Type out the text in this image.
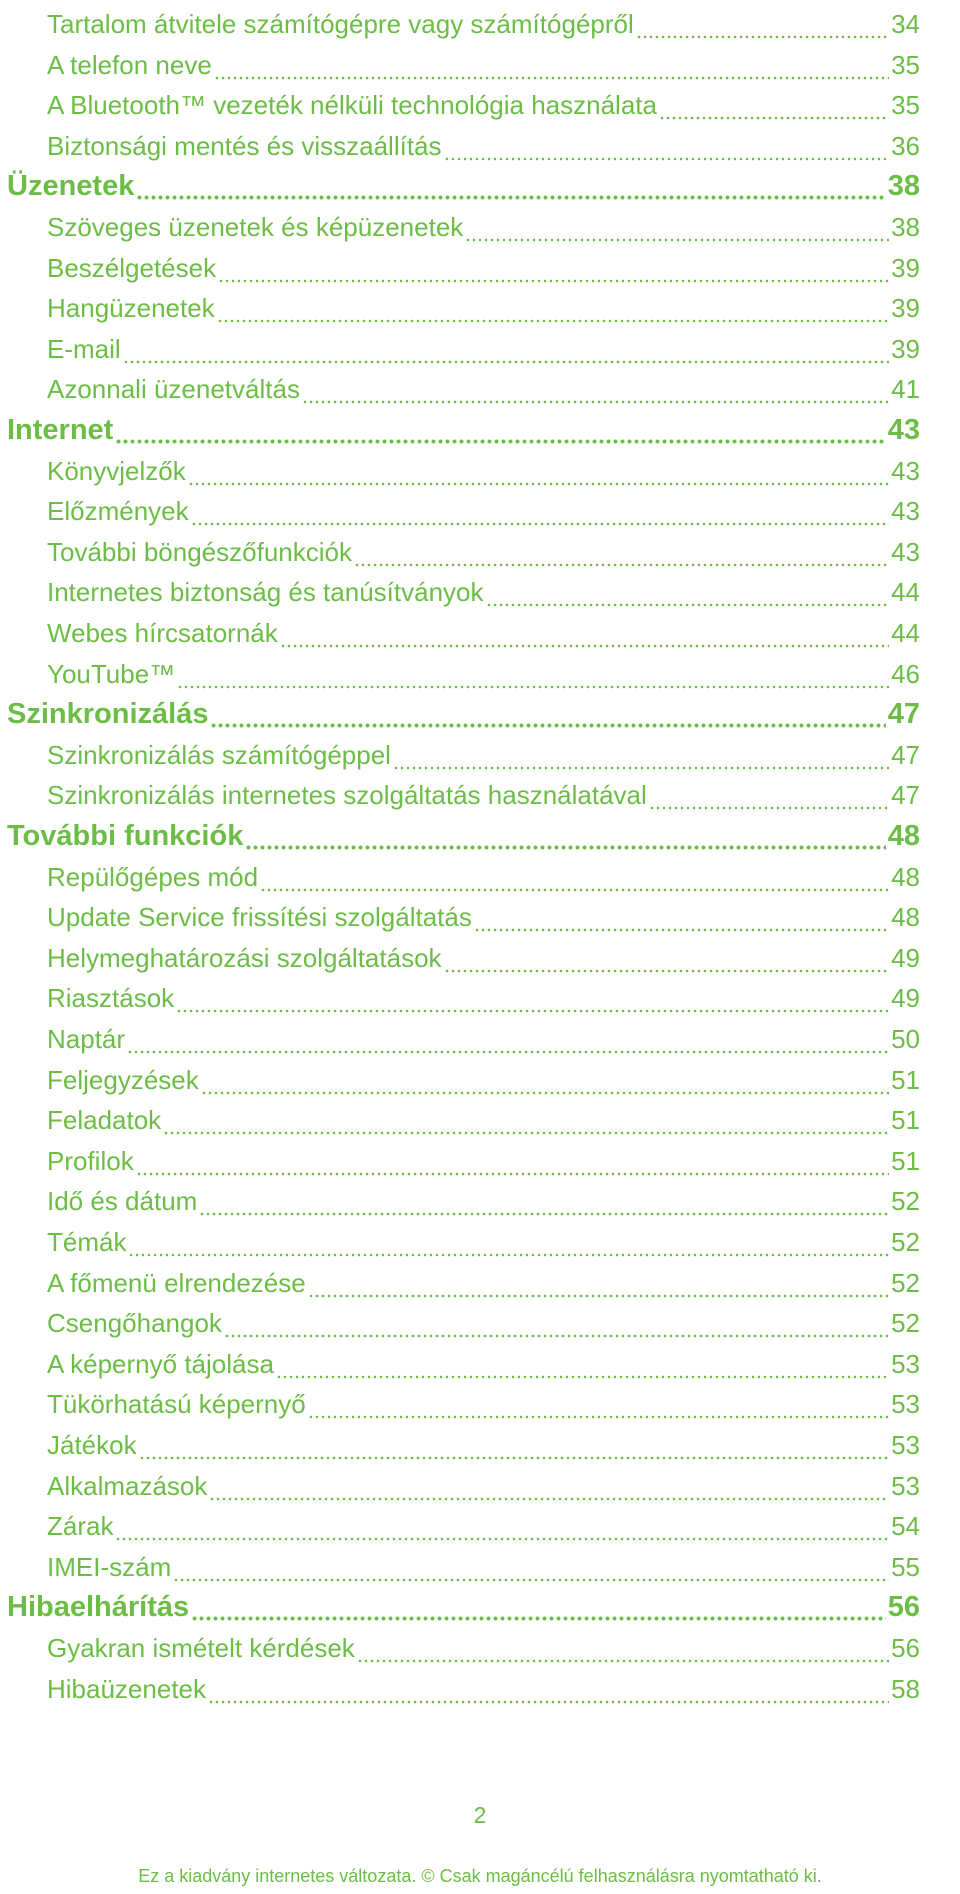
Tartalom átvitele számítógépre vagy számítógépről	34
A telefon neve	35
A Bluetooth™ vezeték nélküli technológia használata	35
Biztonsági mentés és visszaállítás	36
Üzenetek	38
Szöveges üzenetek és képüzenetek	38
Beszélgetések	39
Hangüzenetek	39
E-mail	39
Azonnali üzenetváltás	41
Internet	43
Könyvjelzők	43
Előzmények	43
További böngészőfunkciók	43
Internetes biztonság és tanúsítványok	44
Webes hírcsatornák	44
YouTube™	46
Szinkronizálás	47
Szinkronizálás számítógéppel	47
Szinkronizálás internetes szolgáltatás használatával	47
További funkciók	48
Repülőgépes mód	48
Update Service frissítési szolgáltatás	48
Helymeghatározási szolgáltatások	49
Riasztások	49
Naptár	50
Feljegyzések	51
Feladatok	51
Profilok	51
Idő és dátum	52
Témák	52
A főmenü elrendezése	52
Csengőhangok	52
A képernyő tájolása	53
Tükörhatású képernyő	53
Játékok	53
Alkalmazások	53
Zárak	54
IMEI-szám	55
Hibaelhárítás	56
Gyakran ismételt kérdések	56
Hibaüzenetek	58
2
Ez a kiadvány internetes változata. © Csak magáncélú felhasználásra nyomtatható ki.
